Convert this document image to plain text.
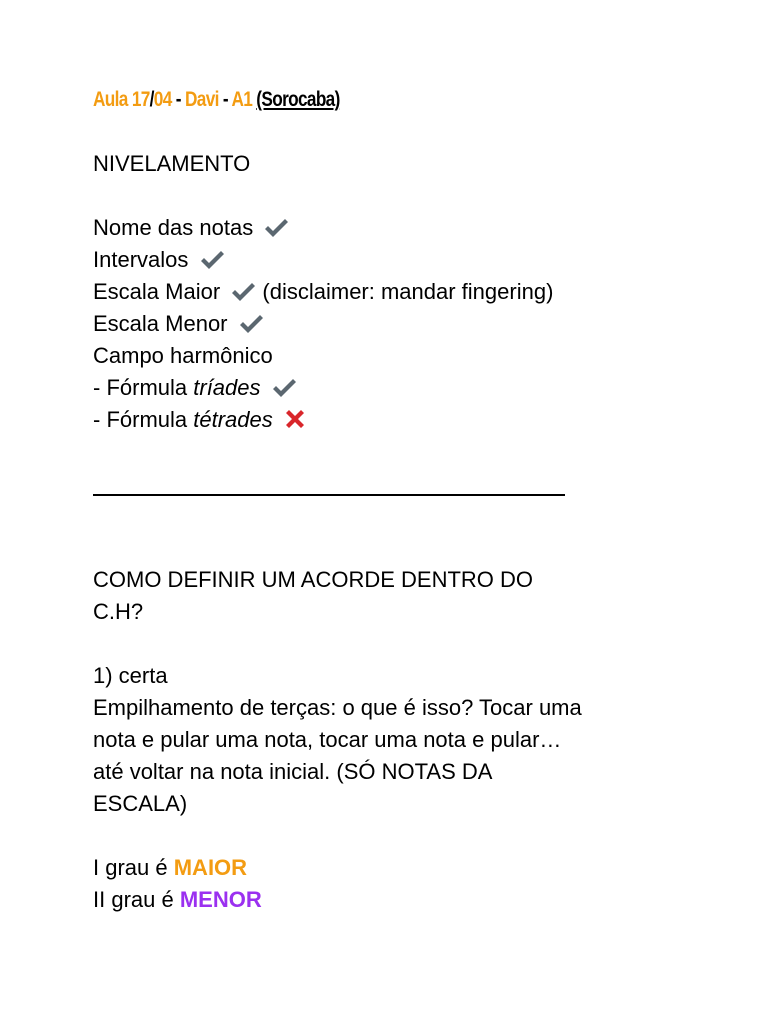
Aula 17/04 - Davi - A1 (Sorocaba)
NIVELAMENTO
Nome das notas
Intervalos
Escala Maior (disclaimer: mandar fingering)
Escala Menor
Campo harmônico
- Fórmula tríades
- Fórmula tétrades
COMO DEFINIR UM ACORDE DENTRO DO
C.H?
1) certa
Empilhamento de terças: o que é isso? Tocar uma
nota e pular uma nota, tocar uma nota e pular…
até voltar na nota inicial. (SÓ NOTAS DA
ESCALA)
I grau é MAIOR
II grau é MENOR
